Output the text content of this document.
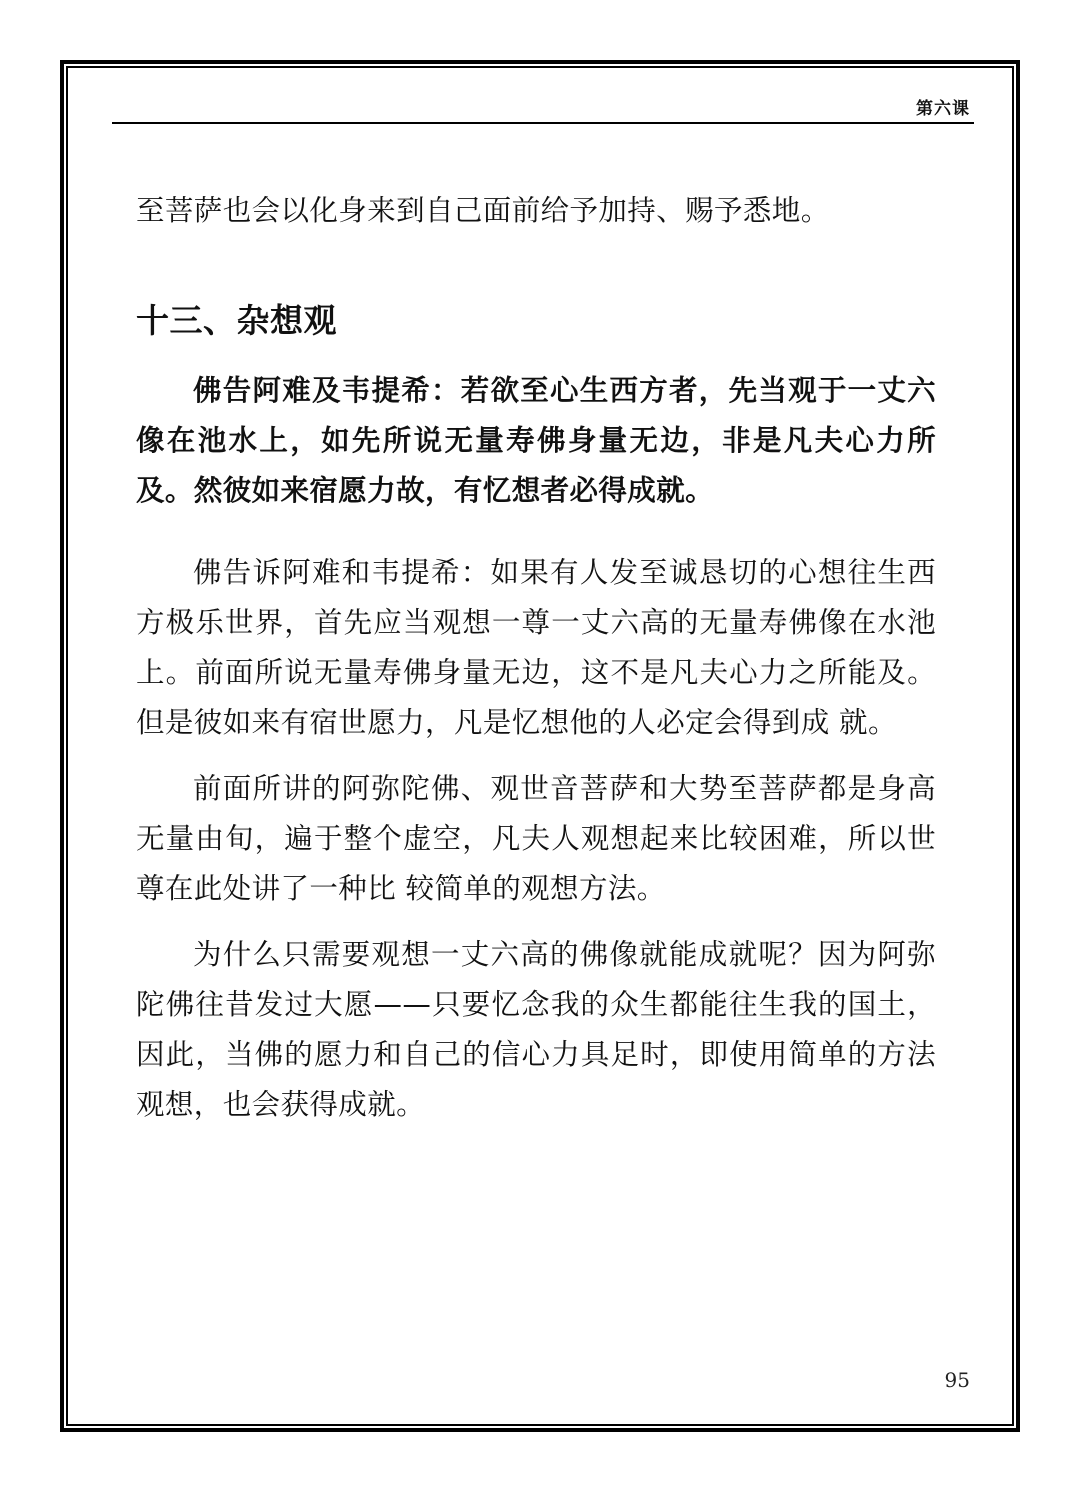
第六课

至菩萨也会以化身来到自己面前给予加持、赐予悉地。

十三、杂想观

佛告阿难及韦提希：若欲至心生西方者，先当观于一丈六像在池水上，如先所说无量寿佛身量无边，非是凡夫心力所及。然彼如来宿愿力故，有忆想者必得成就。

佛告诉阿难和韦提希：如果有人发至诚恳切的心想往生西方极乐世界，首先应当观想一尊一丈六高的无量寿佛像在水池上。前面所说无量寿佛身量无边，这不是凡夫心力之所能及。但是彼如来有宿世愿力，凡是忆想他的人必定会得到成 就。

前面所讲的阿弥陀佛、观世音菩萨和大势至菩萨都是身高无量由旬，遍于整个虚空，凡夫人观想起来比较困难，所以世尊在此处讲了一种比 较简单的观想方法。

为什么只需要观想一丈六高的佛像就能成就呢？因为阿弥陀佛往昔发过大愿——只要忆念我的众生都能往生我的国土，因此，当佛的愿力和自己的信心力具足时，即使用简单的方法观想，也会获得成就。

95
